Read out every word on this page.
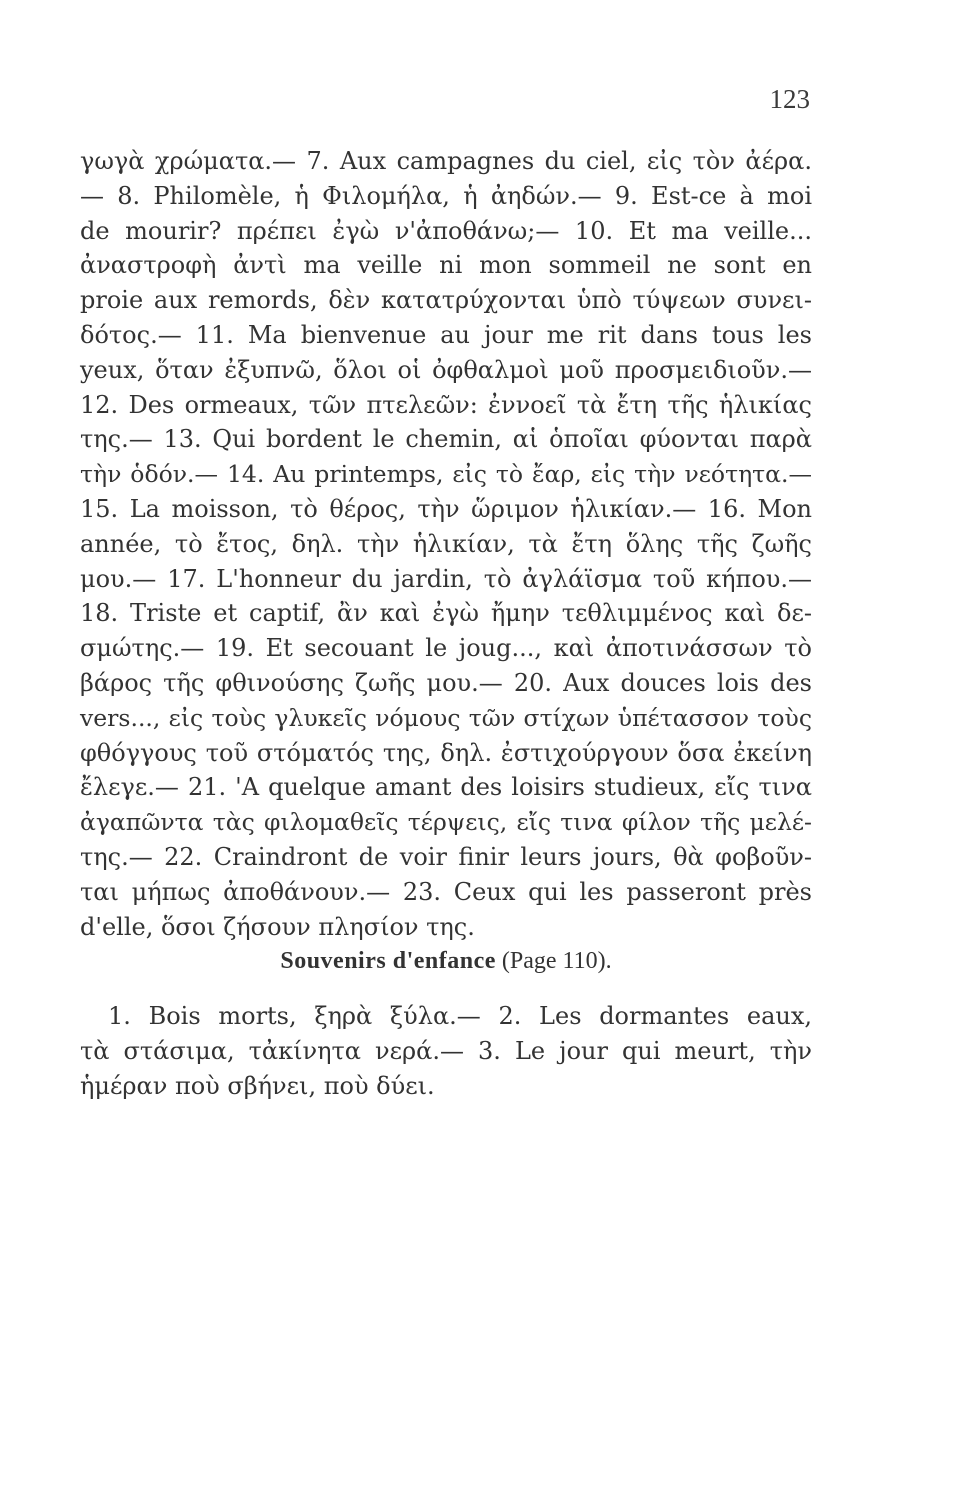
123
γωγὰ χρώματα.— 7. Aux campagnes du ciel, εἰς τὸν ἀέρα.
— 8. Philomèle, ἡ Φιλομήλα, ἡ ἀηδών.— 9. Est-ce à moi
de mourir? πρέπει ἐγὼ ν'ἀποθάνω;— 10. Et ma veille...
ἀναστροφὴ ἀντὶ ma veille ni mon sommeil ne sont en
proie aux remords, δὲν κατατρύχονται ὑπὸ τύψεων συνει-
δότος.— 11. Ma bienvenue au jour me rit dans tous les
yeux, ὅταν ἐξυπνῶ, ὅλοι οἱ ὀφθαλμοὶ μοῦ προσμειδιοῦν.—
12. Des ormeaux, τῶν πτελεῶν: ἐννοεῖ τὰ ἔτη τῆς ἡλικίας
της.— 13. Qui bordent le chemin, αἱ ὁποῖαι φύονται παρὰ
τὴν ὁδόν.— 14. Au printemps, εἰς τὸ ἔαρ, εἰς τὴν νεότητα.—
15. La moisson, τὸ θέρος, τὴν ὥριμον ἡλικίαν.— 16. Mon
année, τὸ ἔτος, δηλ. τὴν ἡλικίαν, τὰ ἔτη ὅλης τῆς ζωῆς
μου.— 17. L'honneur du jardin, τὸ ἀγλάϊσμα τοῦ κήπου.—
18. Triste et captif, ἂν καὶ ἐγὼ ἤμην τεθλιμμένος καὶ δε-
σμώτης.— 19. Et secouant le joug..., καὶ ἀποτινάσσων τὸ
βάρος τῆς φθινούσης ζωῆς μου.— 20. Aux douces lois des
vers..., εἰς τοὺς γλυκεῖς νόμους τῶν στίχων ὑπέτασσον τοὺς
φθόγγους τοῦ στόματός της, δηλ. ἐστιχούργουν ὅσα ἐκείνη
ἔλεγε.— 21. 'A quelque amant des loisirs studieux, εἴς τινα
ἀγαπῶντα τὰς φιλομαθεῖς τέρψεις, εἴς τινα φίλον τῆς μελέ-
της.— 22. Craindront de voir finir leurs jours, θὰ φοβοῦν-
ται μήπως ἀποθάνουν.— 23. Ceux qui les passeront près
d'elle, ὅσοι ζήσουν πλησίον της.
Souvenirs d'enfance (Page 110).
1. Bois morts, ξηρὰ ξύλα.— 2. Les dormantes eaux,
τὰ στάσιμα, τἀκίνητα νερά.— 3. Le jour qui meurt, τὴν
ἡμέραν ποὺ σβήνει, ποὺ δύει.
